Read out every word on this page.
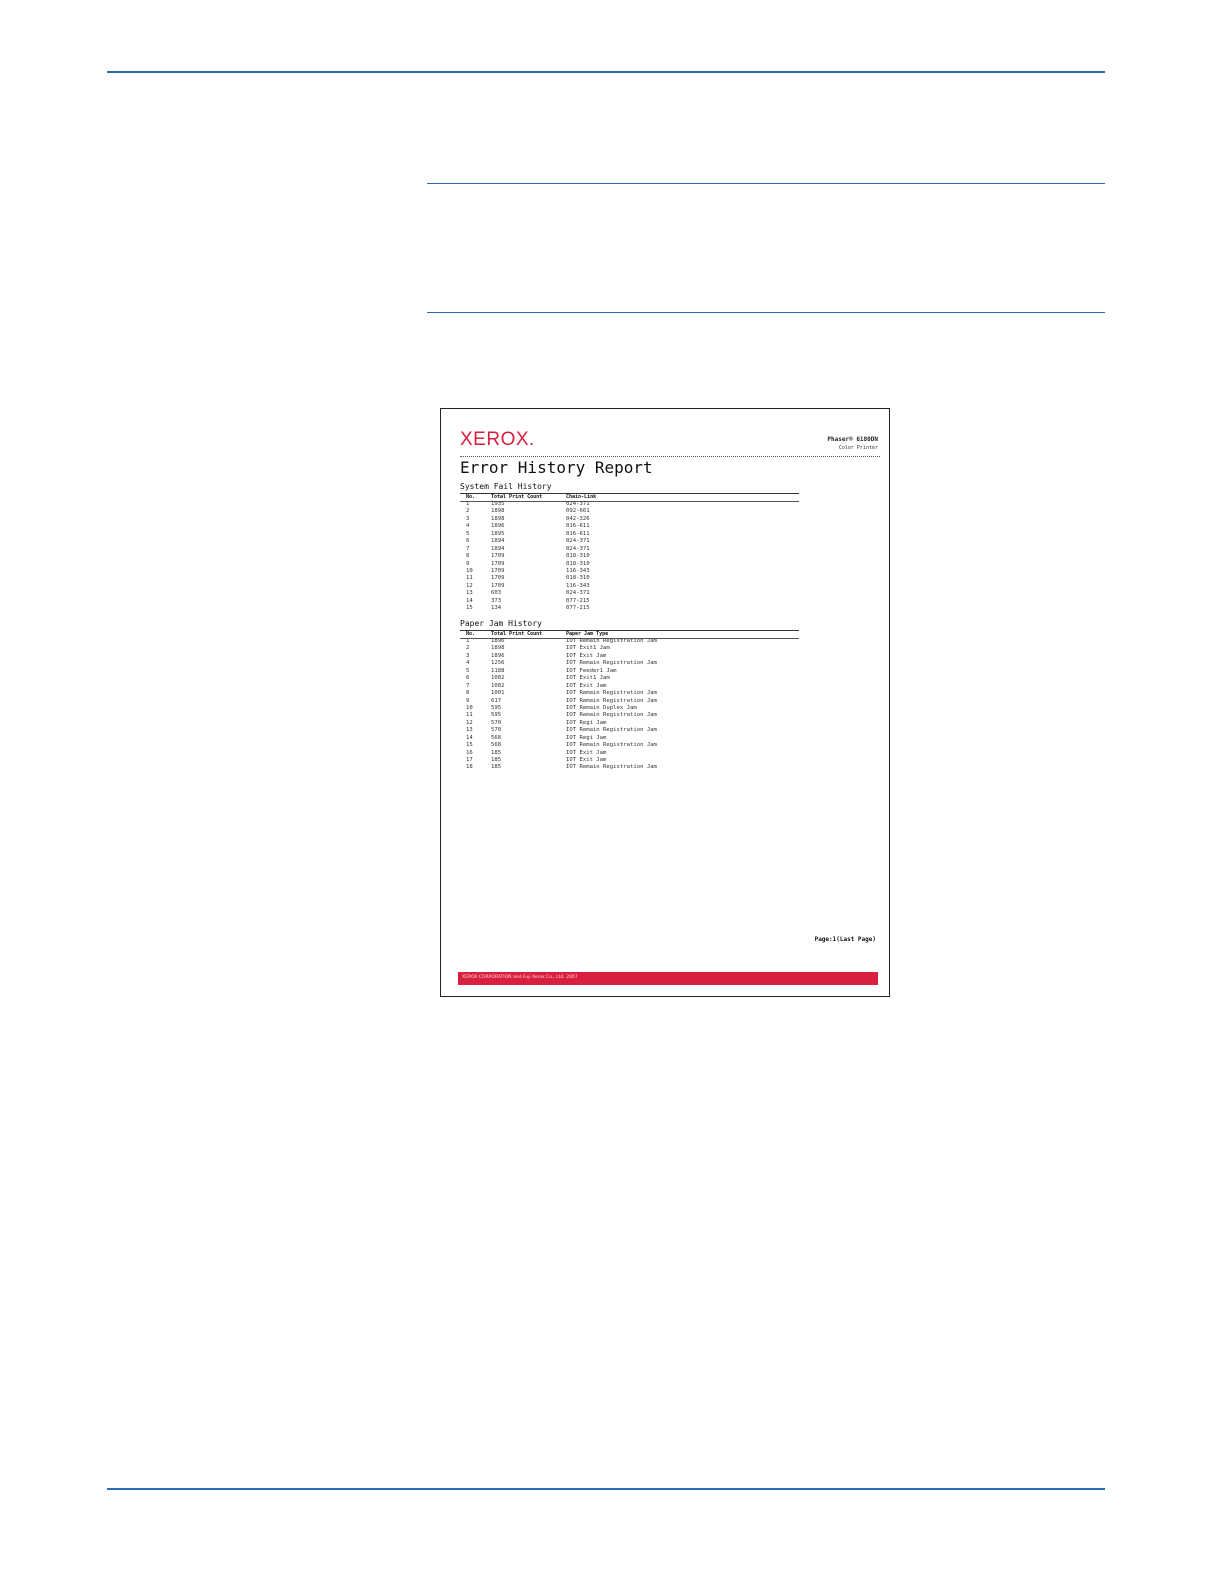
XEROX.	Phaser® 6180DN
Color Printer
Error History Report
System Fail History
No.	Total Print Count	Chain-Link
1	1935	024-371
2	1898	092-661
3	1898	042-326
4	1896	016-611
5	1895	016-611
6	1894	024-371
7	1894	024-371
8	1709	018-310
9	1709	018-310
10	1709	116-343
11	1709	018-310
12	1709	116-343
13	603	024-371
14	373	077-215
15	134	077-215
Paper Jam History
No.	Total Print Count	Paper Jam Type
1	1896	IOT Remain Registration Jam
2	1898	IOT Exit1 Jam
3	1896	IOT Exit Jam
4	1256	IOT Remain Registration Jam
5	1188	IOT Feeder1 Jam
6	1002	IOT Exit1 Jam
7	1002	IOT Exit Jam
8	1001	IOT Remain Registration Jam
9	617	IOT Remain Registration Jam
10	595	IOT Remain Duplex Jam
11	595	IOT Remain Registration Jam
12	570	IOT Regi Jam
13	570	IOT Remain Registration Jam
14	568	IOT Regi Jam
15	568	IOT Remain Registration Jam
16	185	IOT Exit Jam
17	185	IOT Exit Jam
18	185	IOT Remain Registration Jam
Page:1(Last Page)
XEROX CORPORATION and Fuji Xerox Co., Ltd. 2007
